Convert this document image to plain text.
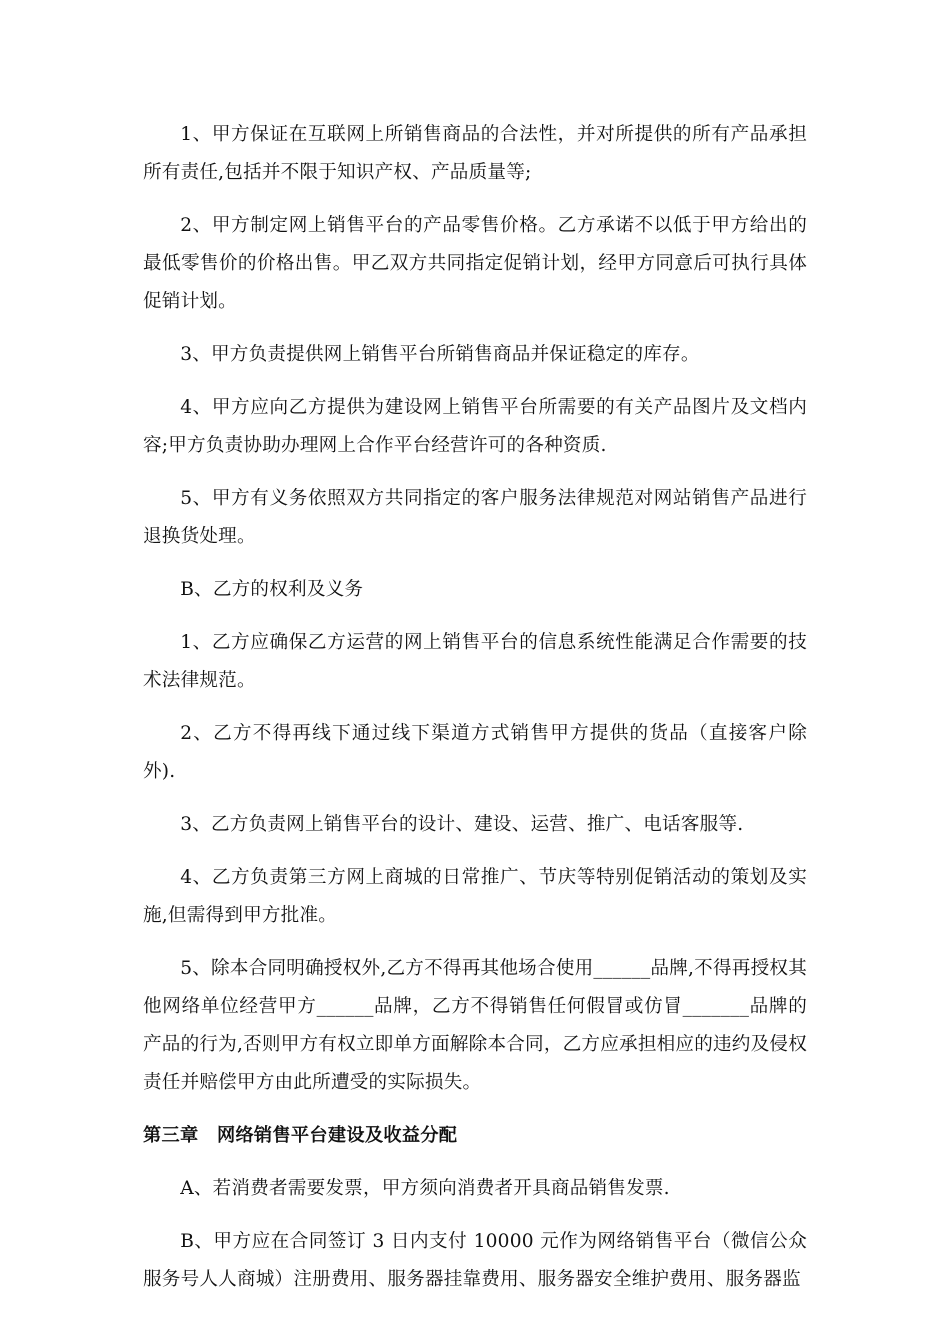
1、甲方保证在互联网上所销售商品的合法性，并对所提供的所有产品承担所有责任,包括并不限于知识产权、产品质量等;

2、甲方制定网上销售平台的产品零售价格。乙方承诺不以低于甲方给出的最低零售价的价格出售。甲乙双方共同指定促销计划，经甲方同意后可执行具体促销计划。

3、甲方负责提供网上销售平台所销售商品并保证稳定的库存。

4、甲方应向乙方提供为建设网上销售平台所需要的有关产品图片及文档内容;甲方负责协助办理网上合作平台经营许可的各种资质.

5、甲方有义务依照双方共同指定的客户服务法律规范对网站销售产品进行退换货处理。

B、乙方的权利及义务

1、乙方应确保乙方运营的网上销售平台的信息系统性能满足合作需要的技术法律规范。

2、乙方不得再线下通过线下渠道方式销售甲方提供的货品（直接客户除外).

3、乙方负责网上销售平台的设计、建设、运营、推广、电话客服等.

4、乙方负责第三方网上商城的日常推广、节庆等特别促销活动的策划及实施,但需得到甲方批准。

5、除本合同明确授权外,乙方不得再其他场合使用______品牌,不得再授权其他网络单位经营甲方______品牌，乙方不得销售任何假冒或仿冒_______品牌的产品的行为,否则甲方有权立即单方面解除本合同，乙方应承担相应的违约及侵权责任并赔偿甲方由此所遭受的实际损失。

第三章　网络销售平台建设及收益分配

A、若消费者需要发票，甲方须向消费者开具商品销售发票.

B、甲方应在合同签订 3 日内支付 10000 元作为网络销售平台（微信公众服务号人人商城）注册费用、服务器挂靠费用、服务器安全维护费用、服务器监
